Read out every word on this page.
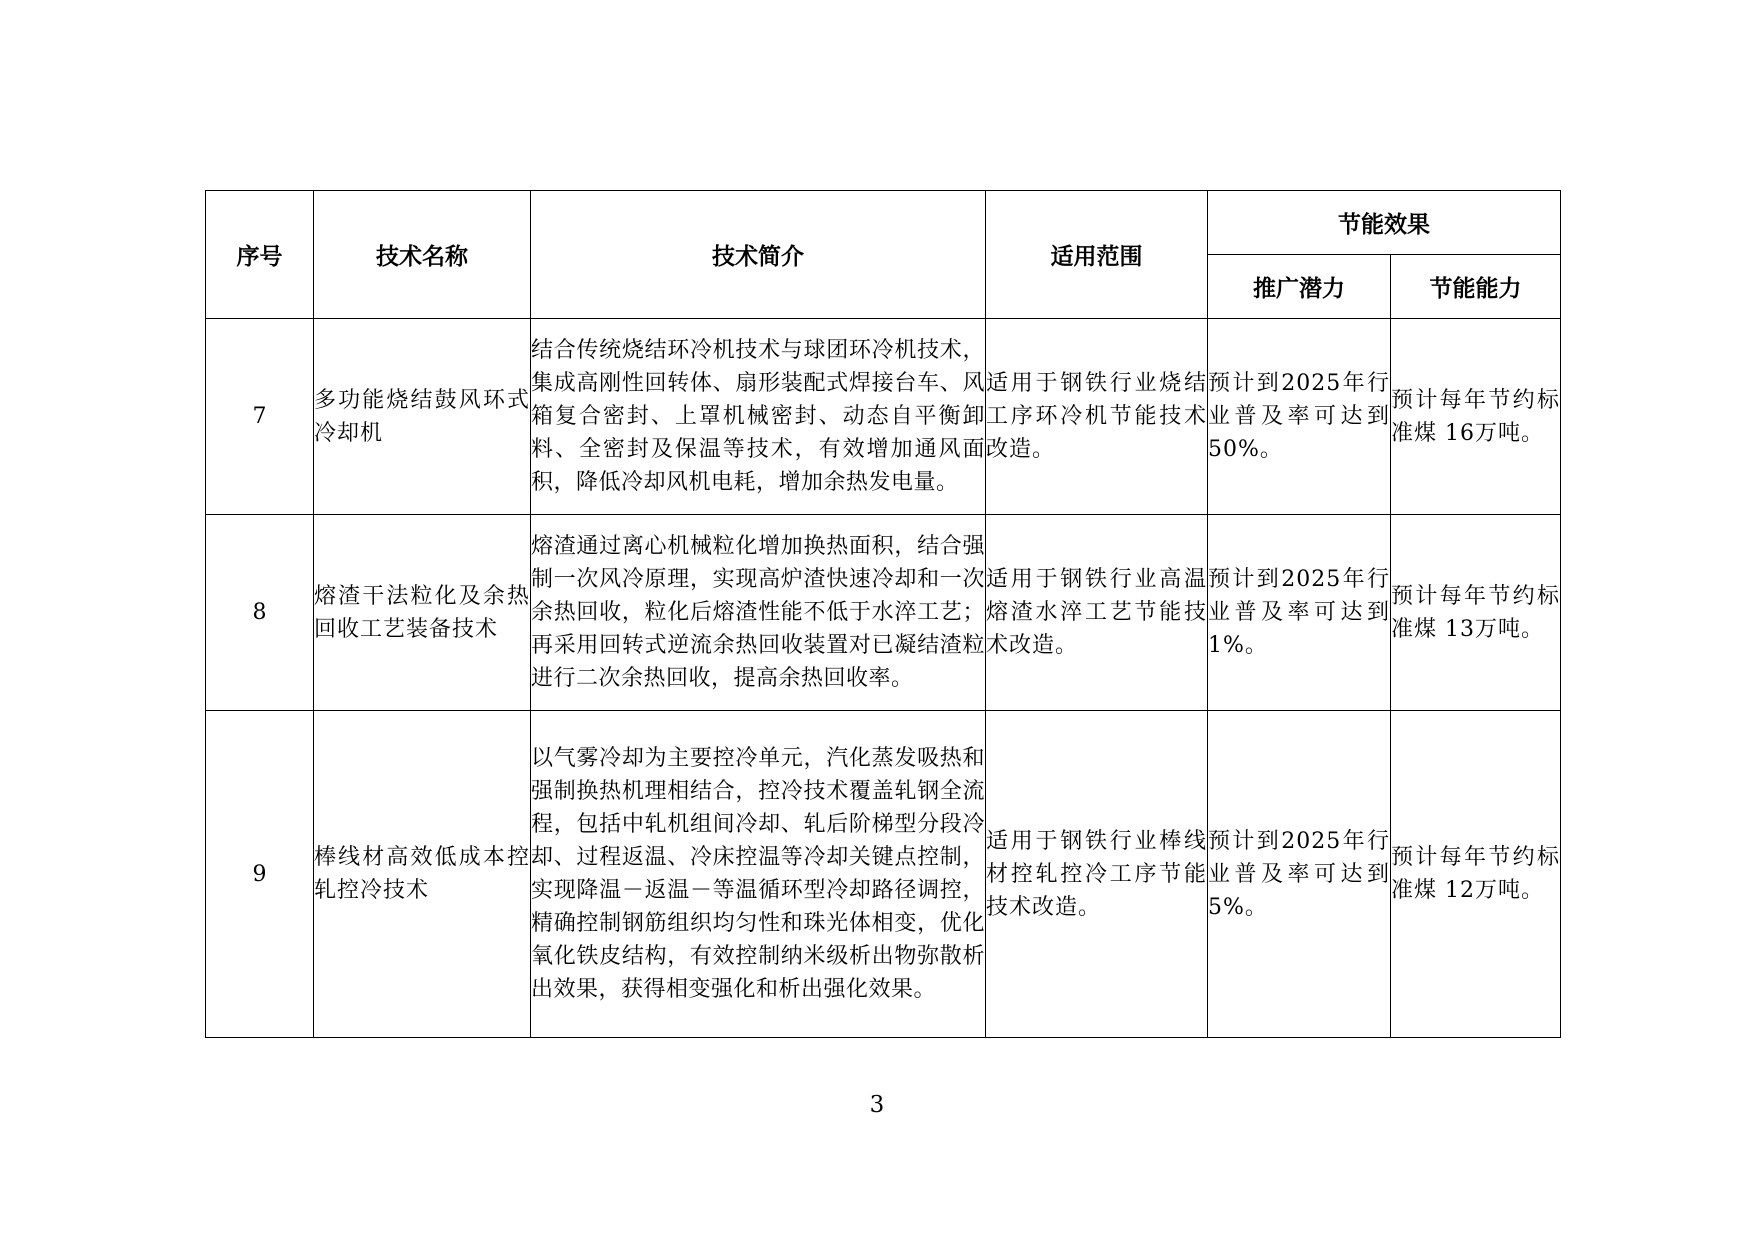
序号	技术名称	技术简介	适用范围	节能效果	
				推广潜力	节能能力
7	多功能烧结鼓风环式冷却机	结合传统烧结环冷机技术与球团环冷机技术，集成高刚性回转体、扇形装配式焊接台车、风箱复合密封、上罩机械密封、动态自平衡卸料、全密封及保温等技术，有效增加通风面积，降低冷却风机电耗，增加余热发电量。	适用于钢铁行业烧结工序环冷机节能技术改造。	预计到2025年行业普及率可达到50%。	预计每年节约标准煤 16万吨。
8	熔渣干法粒化及余热回收工艺装备技术	熔渣通过离心机械粒化增加换热面积，结合强制一次风冷原理，实现高炉渣快速冷却和一次余热回收，粒化后熔渣性能不低于水淬工艺；再采用回转式逆流余热回收装置对已凝结渣粒进行二次余热回收，提高余热回收率。	适用于钢铁行业高温熔渣水淬工艺节能技术改造。	预计到2025年行业普及率可达到1%。	预计每年节约标准煤 13万吨。
9	棒线材高效低成本控轧控冷技术	以气雾冷却为主要控冷单元，汽化蒸发吸热和强制换热机理相结合，控冷技术覆盖轧钢全流程，包括中轧机组间冷却、轧后阶梯型分段冷却、过程返温、冷床控温等冷却关键点控制，实现降温－返温－等温循环型冷却路径调控，精确控制钢筋组织均匀性和珠光体相变，优化氧化铁皮结构，有效控制纳米级析出物弥散析出效果，获得相变强化和析出强化效果。	适用于钢铁行业棒线材控轧控冷工序节能技术改造。	预计到2025年行业普及率可达到5%。	预计每年节约标准煤 12万吨。
3
